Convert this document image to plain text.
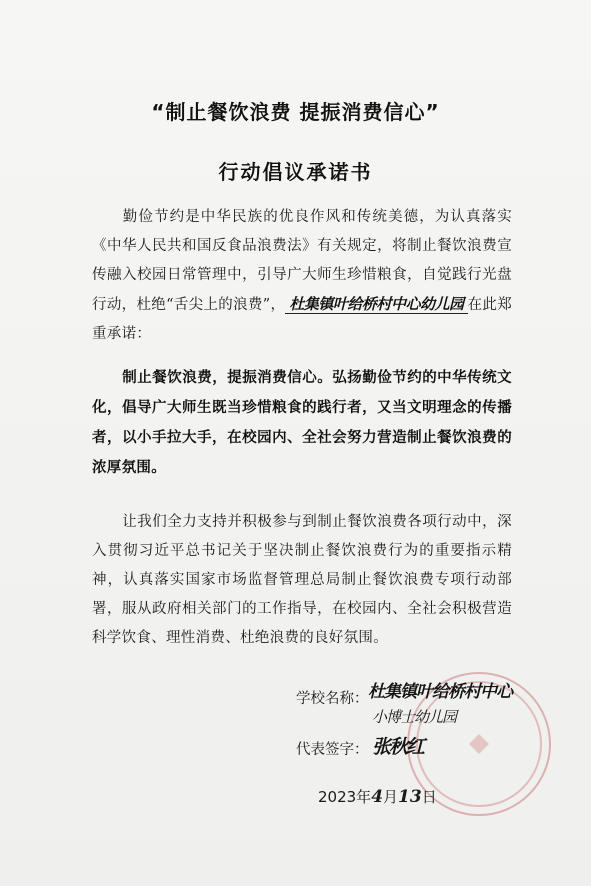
“制止餐饮浪费 提振消费信心”
行动倡议承诺书
勤俭节约是中华民族的优良作风和传统美德，为认真落实《中华人民共和国反食品浪费法》有关规定，将制止餐饮浪费宣传融入校园日常管理中，引导广大师生珍惜粮食，自觉践行光盘行动，杜绝“舌尖上的浪费”， 杜集镇叶给桥村中心幼儿园 在此郑重承诺：
制止餐饮浪费，提振消费信心。弘扬勤俭节约的中华传统文化，倡导广大师生既当珍惜粮食的践行者，又当文明理念的传播者，以小手拉大手，在校园内、全社会努力营造制止餐饮浪费的浓厚氛围。
让我们全力支持并积极参与到制止餐饮浪费各项行动中，深入贯彻习近平总书记关于坚决制止餐饮浪费行为的重要指示精神，认真落实国家市场监督管理总局制止餐饮浪费专项行动部署，服从政府相关部门的工作指导，在校园内、全社会积极营造科学饮食、理性消费、杜绝浪费的良好氛围。
学校名称： 杜集镇叶给桥村中心
小博士幼儿园
代表签字： 张秋红
2023年4月13日
